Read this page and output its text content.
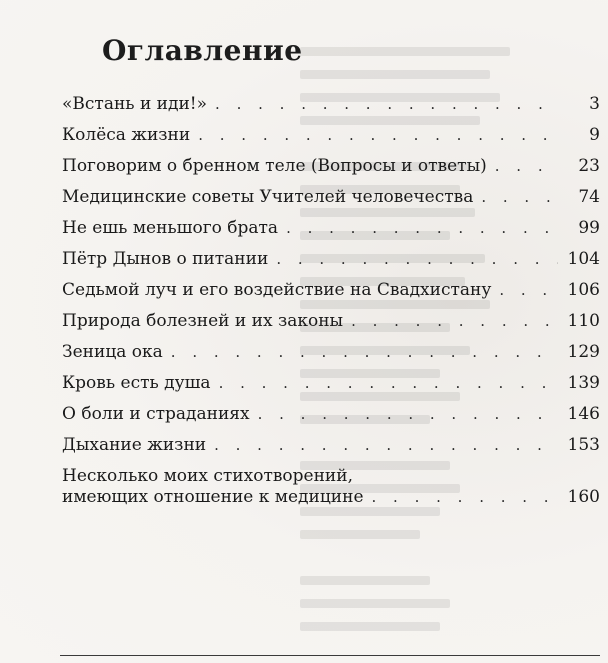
Оглавление
«Встань и иди!» . . .	3
Колёса жизни . . .	9
Поговорим о бренном теле (Вопросы и ответы) . . .	23
Медицинские советы Учителей человечества . . .	74
Не ешь меньшого брата . . .	99
Пётр Дынов о питании . . .	104
Седьмой луч и его воздействие на Свадхистану . . .	106
Природа болезней и их законы . . .	110
Зеница ока . . .	129
Кровь есть душа . . .	139
О боли и страданиях . . .	146
Дыхание жизни . . .	153
Несколько моих стихотворений,
имеющих отношение к медицине . . .	160
